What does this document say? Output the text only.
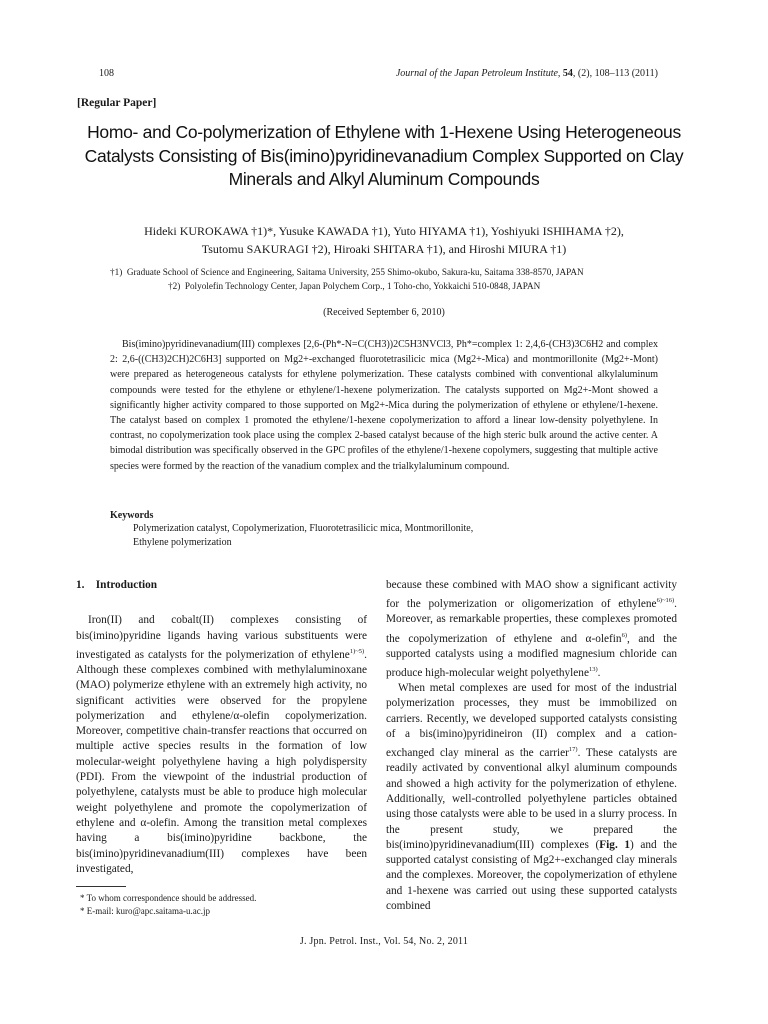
108	Journal of the Japan Petroleum Institute, 54, (2), 108–113 (2011)
[Regular Paper]
Homo- and Co-polymerization of Ethylene with 1-Hexene Using Heterogeneous Catalysts Consisting of Bis(imino)pyridinevanadium Complex Supported on Clay Minerals and Alkyl Aluminum Compounds
Hideki KUROKAWA †1)*, Yusuke KAWADA †1), Yuto HIYAMA †1), Yoshiyuki ISHIHAMA †2),
Tsutomu SAKURAGI †2), Hiroaki SHITARA †1), and Hiroshi MIURA †1)
†1) Graduate School of Science and Engineering, Saitama University, 255 Shimo-okubo, Sakura-ku, Saitama 338-8570, JAPAN
†2) Polyolefin Technology Center, Japan Polychem Corp., 1 Toho-cho, Yokkaichi 510-0848, JAPAN
(Received September 6, 2010)

Bis(imino)pyridinevanadium(III) complexes [2,6-(Ph*-N=C(CH3))2C5H3NVCl3, Ph*=complex 1: 2,4,6-(CH3)3C6H2 and complex 2: 2,6-((CH3)2CH)2C6H3] supported on Mg2+-exchanged fluorotetrasilicic mica (Mg2+-Mica) and montmorillonite (Mg2+-Mont) were prepared as heterogeneous catalysts for ethylene polymerization. These catalysts combined with conventional alkylaluminum compounds were tested for the ethylene or ethylene/1-hexene polymerization. The catalysts supported on Mg2+-Mont showed a significantly higher activity compared to those supported on Mg2+-Mica during the polymerization of ethylene or ethylene/1-hexene. The catalyst based on complex 1 promoted the ethylene/1-hexene copolymerization to afford a linear low-density polyethylene. In contrast, no copolymerization took place using the complex 2-based catalyst because of the high steric bulk around the active center. A bimodal distribution was specifically observed in the GPC profiles of the ethylene/1-hexene copolymers, suggesting that multiple active species were formed by the reaction of the vanadium complex and the trialkylaluminum compound.

Keywords
Polymerization catalyst, Copolymerization, Fluorotetrasilicic mica, Montmorillonite,
Ethylene polymerization

1. Introduction

Iron(II) and cobalt(II) complexes consisting of bis(imino)pyridine ligands having various substituents were investigated as catalysts for the polymerization of ethylene$^{1)\sim 5)}$. Although these complexes combined with methylaluminoxane (MAO) polymerize ethylene with an extremely high activity, no significant activities were observed for the propylene polymerization and ethylene/α-olefin copolymerization. Moreover, competitive chain-transfer reactions that occurred on multiple active species results in the formation of low molecular-weight polyethylene having a high polydispersity (PDI). From the viewpoint of the industrial production of polyethylene, catalysts must be able to produce high molecular weight polyethylene and promote the copolymerization of ethylene and α-olefin. Among the transition metal complexes having a bis(imino)pyridine backbone, the bis(imino)pyridinevanadium(III) complexes have been investigated,

because these combined with MAO show a significant activity for the polymerization or oligomerization of ethylene$^{6)\sim 16)}$. Moreover, as remarkable properties, these complexes promoted the copolymerization of ethylene and α-olefin$^{6)}$, and the supported catalysts using a modified magnesium chloride can produce high-molecular weight polyethylene$^{13)}$.

When metal complexes are used for most of the industrial polymerization processes, they must be immobilized on carriers. Recently, we developed supported catalysts consisting of a bis(imino)pyridineiron (II) complex and a cation-exchanged clay mineral as the carrier$^{17)}$. These catalysts are readily activated by conventional alkyl aluminum compounds and showed a high activity for the polymerization of ethylene. Additionally, well-controlled polyethylene particles obtained using those catalysts were able to be used in a slurry process. In the present study, we prepared the bis(imino)pyridinevanadium(III) complexes (Fig. 1) and the supported catalyst consisting of Mg2+-exchanged clay minerals and the complexes. Moreover, the copolymerization of ethylene and 1-hexene was carried out using these supported catalysts combined

* To whom correspondence should be addressed.
* E-mail: kuro@apc.saitama-u.ac.jp
J. Jpn. Petrol. Inst., Vol. 54, No. 2, 2011
